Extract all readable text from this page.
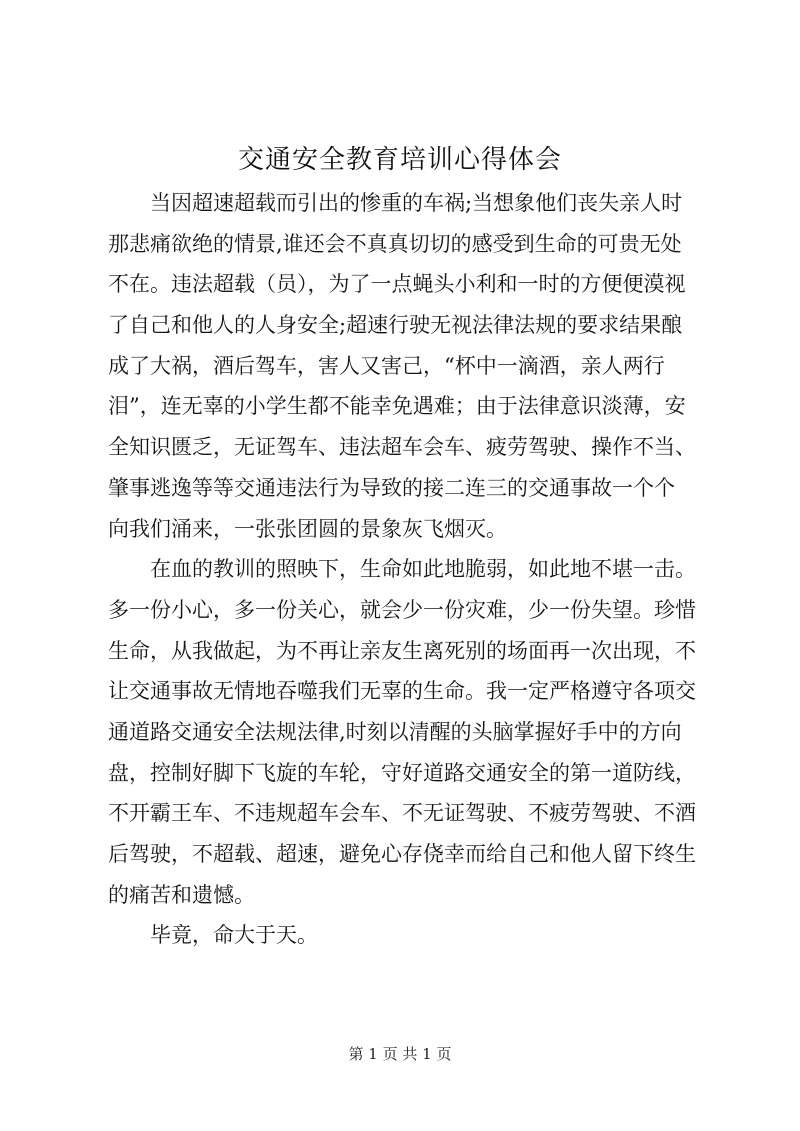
交通安全教育培训心得体会
当因超速超载而引出的惨重的车祸;当想象他们丧失亲人时
那悲痛欲绝的情景,谁还会不真真切切的感受到生命的可贵无处
不在。违法超载（员），为了一点蝇头小利和一时的方便便漠视
了自己和他人的人身安全;超速行驶无视法律法规的要求结果酿
成了大祸，酒后驾车，害人又害己，“杯中一滴酒，亲人两行
泪”，连无辜的小学生都不能幸免遇难；由于法律意识淡薄，安
全知识匮乏，无证驾车、违法超车会车、疲劳驾驶、操作不当、
肇事逃逸等等交通违法行为导致的接二连三的交通事故一个个
向我们涌来，一张张团圆的景象灰飞烟灭。
在血的教训的照映下，生命如此地脆弱，如此地不堪一击。
多一份小心，多一份关心，就会少一份灾难，少一份失望。珍惜
生命，从我做起，为不再让亲友生离死别的场面再一次出现，不
让交通事故无情地吞噬我们无辜的生命。我一定严格遵守各项交
通道路交通安全法规法律,时刻以清醒的头脑掌握好手中的方向
盘，控制好脚下飞旋的车轮，守好道路交通安全的第一道防线，
不开霸王车、不违规超车会车、不无证驾驶、不疲劳驾驶、不酒
后驾驶，不超载、超速，避免心存侥幸而给自己和他人留下终生
的痛苦和遗憾。
毕竟，命大于天。
第 1 页 共 1 页
